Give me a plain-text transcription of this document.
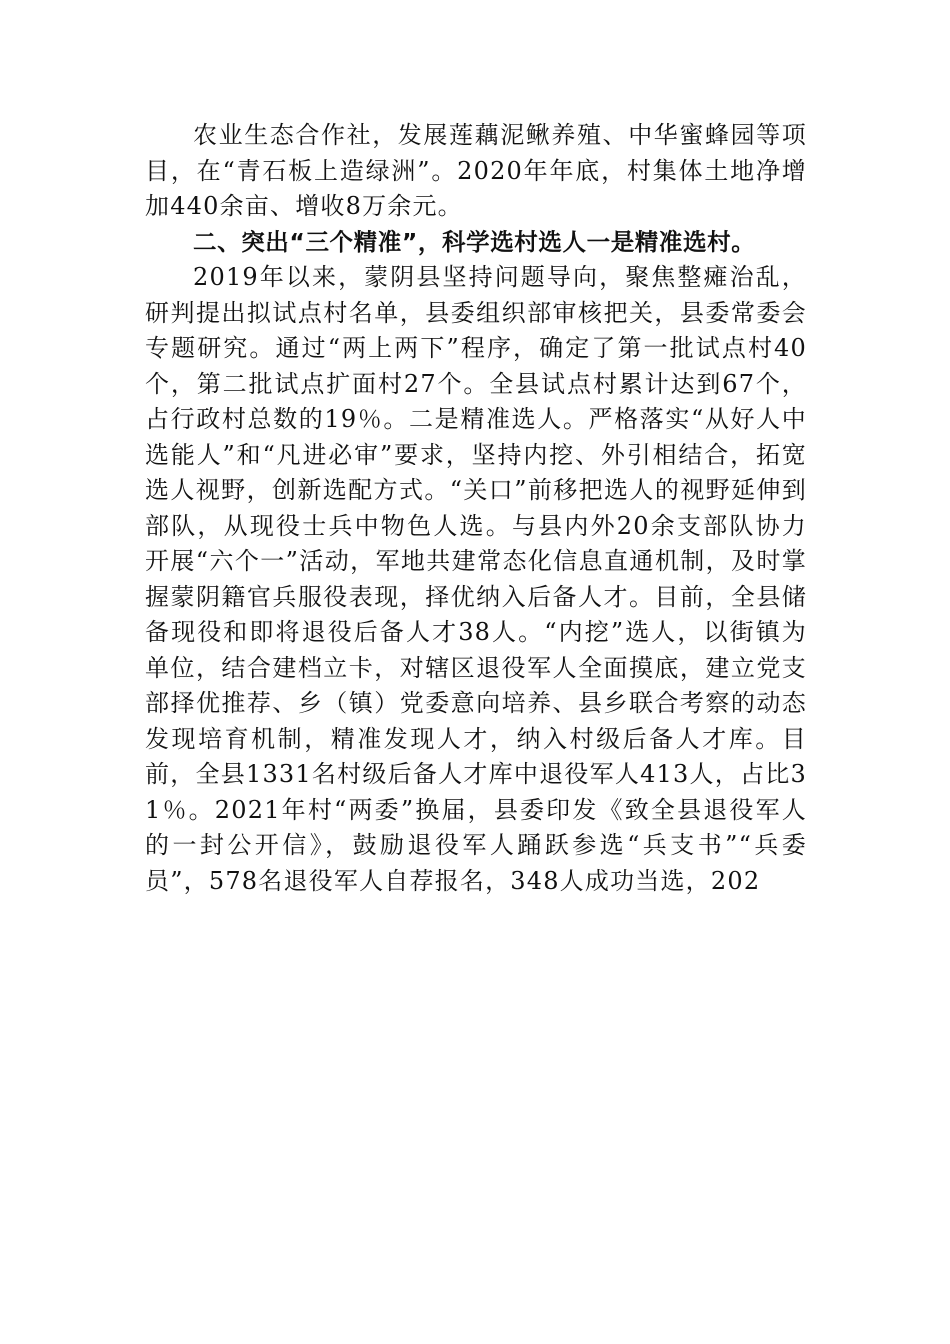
农业生态合作社，发展莲藕泥鳅养殖、中华蜜蜂园等项目，在“青石板上造绿洲”。2020年年底，村集体土地净增加440余亩、增收8万余元。

二、突出“三个精准”，科学选村选人一是精准选村。

2019年以来，蒙阴县坚持问题导向，聚焦整瘫治乱，研判提出拟试点村名单，县委组织部审核把关，县委常委会专题研究。通过“两上两下”程序，确定了第一批试点村40个，第二批试点扩面村27个。全县试点村累计达到67个，占行政村总数的19％。二是精准选人。严格落实“从好人中选能人”和“凡进必审”要求，坚持内挖、外引相结合，拓宽选人视野，创新选配方式。“关口”前移把选人的视野延伸到部队，从现役士兵中物色人选。与县内外20余支部队协力开展“六个一”活动，军地共建常态化信息直通机制，及时掌握蒙阴籍官兵服役表现，择优纳入后备人才。目前，全县储备现役和即将退役后备人才38人。“内挖”选人，以街镇为单位，结合建档立卡，对辖区退役军人全面摸底，建立党支部择优推荐、乡（镇）党委意向培养、县乡联合考察的动态发现培育机制，精准发现人才，纳入村级后备人才库。目前，全县1331名村级后备人才库中退役军人413人，占比31％。2021年村“两委”换届，县委印发《致全县退役军人的一封公开信》，鼓励退役军人踊跃参选“兵支书”“兵委员”，578名退役军人自荐报名，348人成功当选，202
